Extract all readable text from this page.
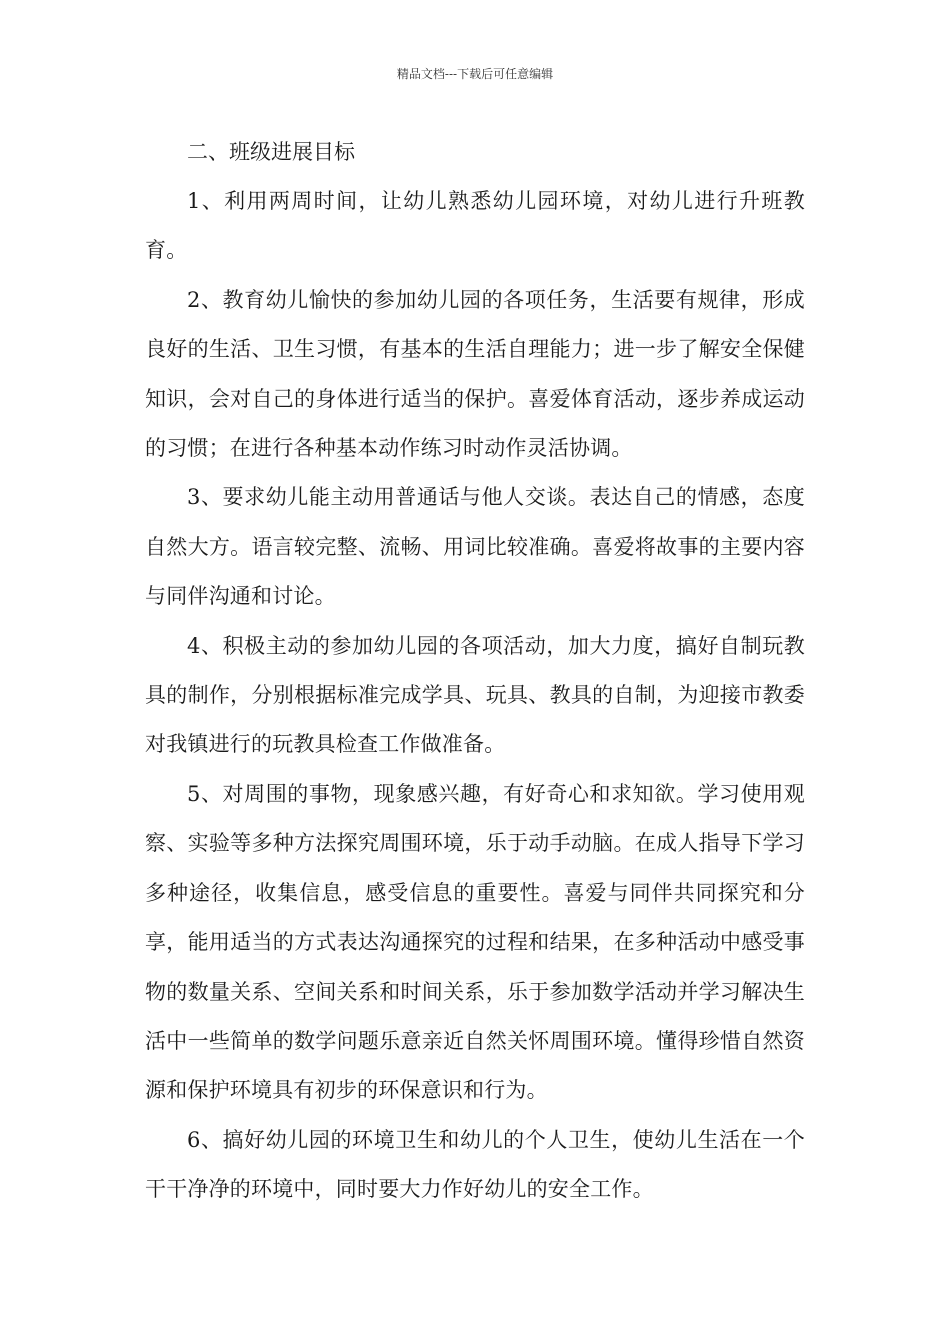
精品文档---下载后可任意编辑

二、班级进展目标

1、利用两周时间，让幼儿熟悉幼儿园环境，对幼儿进行升班教育。

2、教育幼儿愉快的参加幼儿园的各项任务，生活要有规律，形成良好的生活、卫生习惯，有基本的生活自理能力；进一步了解安全保健知识，会对自己的身体进行适当的保护。喜爱体育活动，逐步养成运动的习惯；在进行各种基本动作练习时动作灵活协调。

3、要求幼儿能主动用普通话与他人交谈。表达自己的情感，态度自然大方。语言较完整、流畅、用词比较准确。喜爱将故事的主要内容与同伴沟通和讨论。

4、积极主动的参加幼儿园的各项活动，加大力度，搞好自制玩教具的制作，分别根据标准完成学具、玩具、教具的自制，为迎接市教委对我镇进行的玩教具检查工作做准备。

5、对周围的事物，现象感兴趣，有好奇心和求知欲。学习使用观察、实验等多种方法探究周围环境，乐于动手动脑。在成人指导下学习多种途径，收集信息，感受信息的重要性。喜爱与同伴共同探究和分享，能用适当的方式表达沟通探究的过程和结果，在多种活动中感受事物的数量关系、空间关系和时间关系，乐于参加数学活动并学习解决生活中一些简单的数学问题乐意亲近自然关怀周围环境。懂得珍惜自然资源和保护环境具有初步的环保意识和行为。

6、搞好幼儿园的环境卫生和幼儿的个人卫生，使幼儿生活在一个干干净净的环境中，同时要大力作好幼儿的安全工作。
